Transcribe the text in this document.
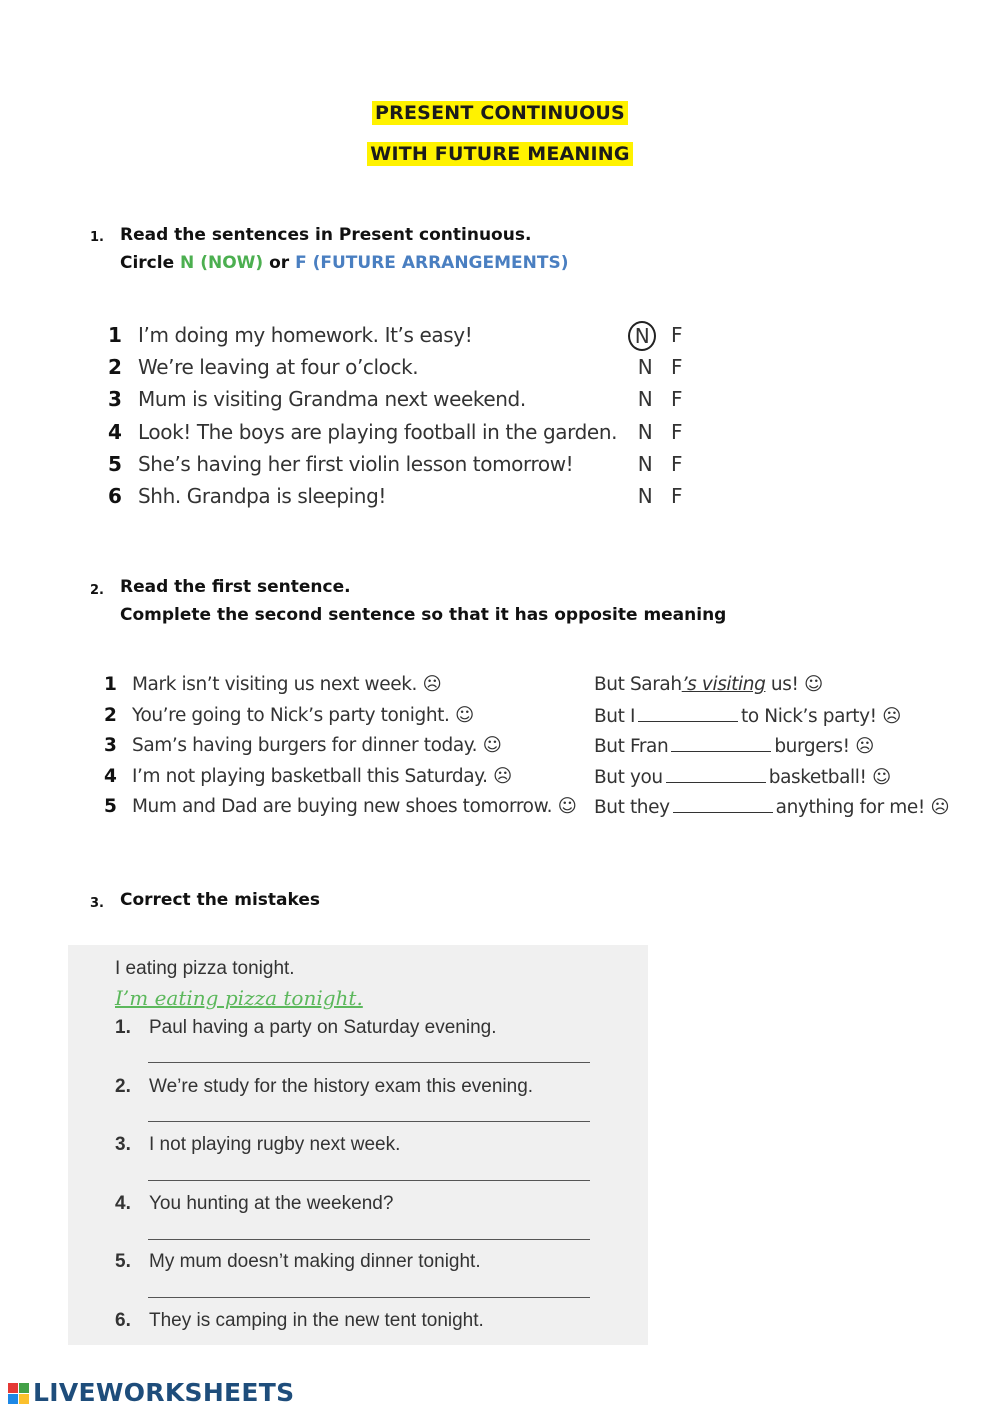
PRESENT CONTINUOUS
WITH FUTURE MEANING
1. Read the sentences in Present continuous.
Circle N (NOW) or F (FUTURE ARRANGEMENTS)
1 I’m doing my homework. It’s easy!	N	F
2 We’re leaving at four o’clock.	N F
3 Mum is visiting Grandma next weekend.	N F
4 Look! The boys are playing football in the garden. N F
5 She’s having her first violin lesson tomorrow!	N F
6 Shh. Grandpa is sleeping!	N F
2. Read the first sentence.
Complete the second sentence so that it has opposite meaning
1 Mark isn’t visiting us next week. ☹	But Sarah’s visiting us! ☺
2 You’re going to Nick’s party tonight. ☺	But I	to Nick’s party! ☹
3 Sam’s having burgers for dinner today. ☺	But Fran	burgers! ☹
4 I’m not playing basketball this Saturday. ☹	But you	basketball! ☺
5 Mum and Dad are buying new shoes tomorrow. ☺ But they	anything for me! ☹
3. Correct the mistakes
I eating pizza tonight.
I’m eating pizza tonight.
1. Paul having a party on Saturday evening.
2. We’re study for the history exam this evening.
3. I not playing rugby next week.
4. You hunting at the weekend?
5. My mum doesn’t making dinner tonight.
6. They is camping in the new tent tonight.
LIVEWORKSHEETS
